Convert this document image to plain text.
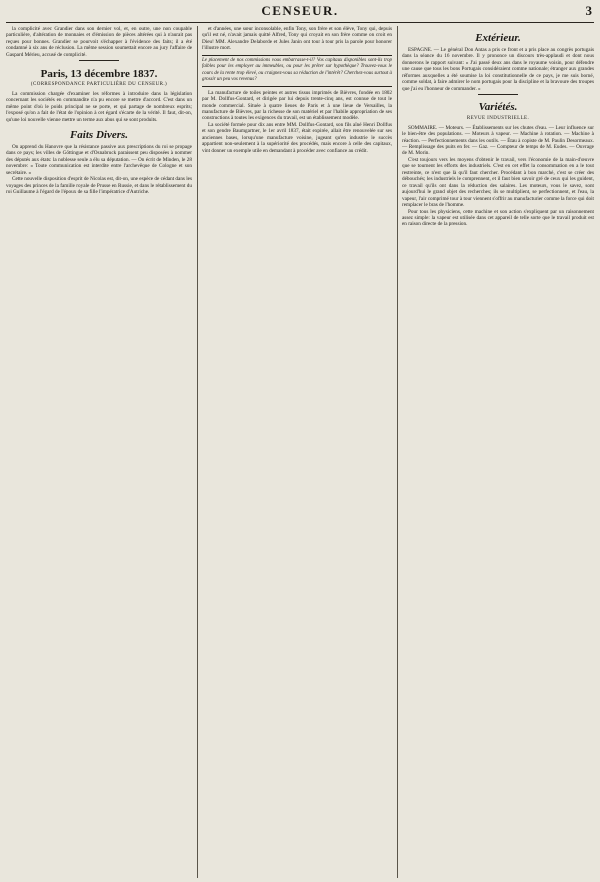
CENSEUR.	3

la complicité avec Grandier dans son dernier vol, et, en outre, une non coupable particulière, d'altération de monnaies et d'émission de pièces altérées qui à n'aurait pas reçues pour bonnes. Grandier se pourvoit s'échapper à l'évidence des faits; il a été condamné à six ans de réclusion. La même session soumettait encore au jury l'affaire de Gaspard Mérieu, accusé de complicité.

Paris, 13 décembre 1837.
(CORRESPONDANCE PARTICULIÈRE DU CENSEUR.)

La commission chargée d'examiner les réformes à introduire dans la législation concernant les sociétés en commandite n'a pu encore se mettre d'accord. C'est dans un même point d'où le poids principal ne se porte, et qui partage de nombreux esprits; l'exposé qu'on a fait de l'état de l'opinion à cet égard s'écarte de la vérité. Il faut, dit-on, qu'une loi nouvelle vienne mettre un terme aux abus qui se sont produits.

Faits Divers.

On apprend du Hanovre que la résistance passive aux prescriptions du roi se propage dans ce pays; les villes de Göttingue et d'Osnabruck paraissent peu disposées à nommer des députés aux états: la noblesse seule a élu sa députation. — On écrit de Minden, le 28 novembre: « Toute communication est interdite entre l'archevêque de Cologne et son secrétaire. »

Cette nouvelle disposition d'esprit de Nicolas est, dit-on, une espèce de cédant dans les voyages des princes de la famille royale de Prusse en Russie, et dans le rétablissement du roi Guillaume à l'égard de l'époux de sa fille l'impératrice d'Autriche.

et d'années, une sœur inconsolable, enfin Tony, son frère et son élève, Tony qui, depuis qu'il est né, n'avait jamais quitté Alfred, Tony qui croyait en son frère comme on croit en Dieu! MM. Alexandre Delaborde et Jules Janin ont tour à tour pris la parole pour honorer l'illustre mort.

Le placement de nos commissions vous embarrasse-t-il? Vos capitaux disponibles sont-ils trop faibles pour les employer au immeubles, ou pour les prêter sur hypothèque? Trouvez-vous le cours de la rente trop élevé, ou craignez-vous sa réduction de l'intérêt? Cherchez-vous surtout à grossir un peu vos revenus?

La manufacture de toiles peintes et autres tissus imprimés de Bièvres, fondée en 1802 par M. Dollfus-Gontard, et dirigée par lui depuis trente-cinq ans, est connue de tout le monde commercial. Située à quatre lieues de Paris et à une lieue de Versailles, la manufacture de Bièvres, par la richesse de son matériel et par l'habile appropriation de ses constructions à toutes les exigences du travail, est un établissement modèle.

La société formée pour dix ans entre MM. Dollfus-Gontard, son fils aîné Henri Dollfus et son gendre Baumgartner, le 1er avril 1837, était expirée, allait être renouvelée sur ses anciennes bases, lorsqu'une manufacture voisine, jugeant qu'en industrie le succès appartient non-seulement à la supériorité des procédés, mais encore à celle des capitaux, vint donner un exemple utile en demandant à procéder avec confiance au crédit.

Extérieur.

ESPAGNE. — Le général Don Antas a pris ce front et a pris place au congrès portugais dans la séance du 16 novembre. Il y prononce un discours très-applaudi et dont nous donnerons le rapport suivant: « J'ai passé deux ans dans le royaume voisin, pour défendre une cause que tous les bons Portugais considéraient comme nationale; étranger aux grandes réformes auxquelles a été soumise la loi constitutionnelle de ce pays, je me suis borné, comme soldat, à faire admirer le nom portugais pour la discipline et la bravoure des troupes que j'ai eu l'honneur de commander. »

Variétés.
REVUE INDUSTRIELLE.

SOMMAIRE. — Moteurs. — Établissements sur les chutes d'eau. — Leur influence sur le bien-être des populations. — Moteurs à vapeur. — Machine à rotation. — Machine à réaction. — Perfectionnements dans les outils. — Étau à copiste de M. Paulin Desormeaux. — Remplissage des puits en fer. — Gaz. — Compteur de temps de M. Eudes. — Ouvrage de M. Morin.

C'est toujours vers les moyens d'obtenir le travail, vers l'économie de la main-d'œuvre que se tournent les efforts des industriels. C'est en cet effet la consommation en a le tout restreinte, ce n'est que là qu'il faut chercher. Procédant à bon marché, c'est se créer des débouchés; les industriels le comprennent, et il faut bien savoir gré de ceux qui les guident, ce travail qu'ils ont dans la réduction des salaires. Les moteurs, vous le savez, sont aujourd'hui le grand objet des recherches; ils se multiplient, se perfectionnent, et l'eau, la vapeur, l'air comprimé tour à tour viennent s'offrir au manufacturier comme la force qui doit remplacer le bras de l'homme.

Pour tous les physiciens, cette machine et son action s'expliquent par un raisonnement assez simple: la vapeur est utilisée dans cet appareil de telle sorte que le travail produit est en raison directe de la pression.
